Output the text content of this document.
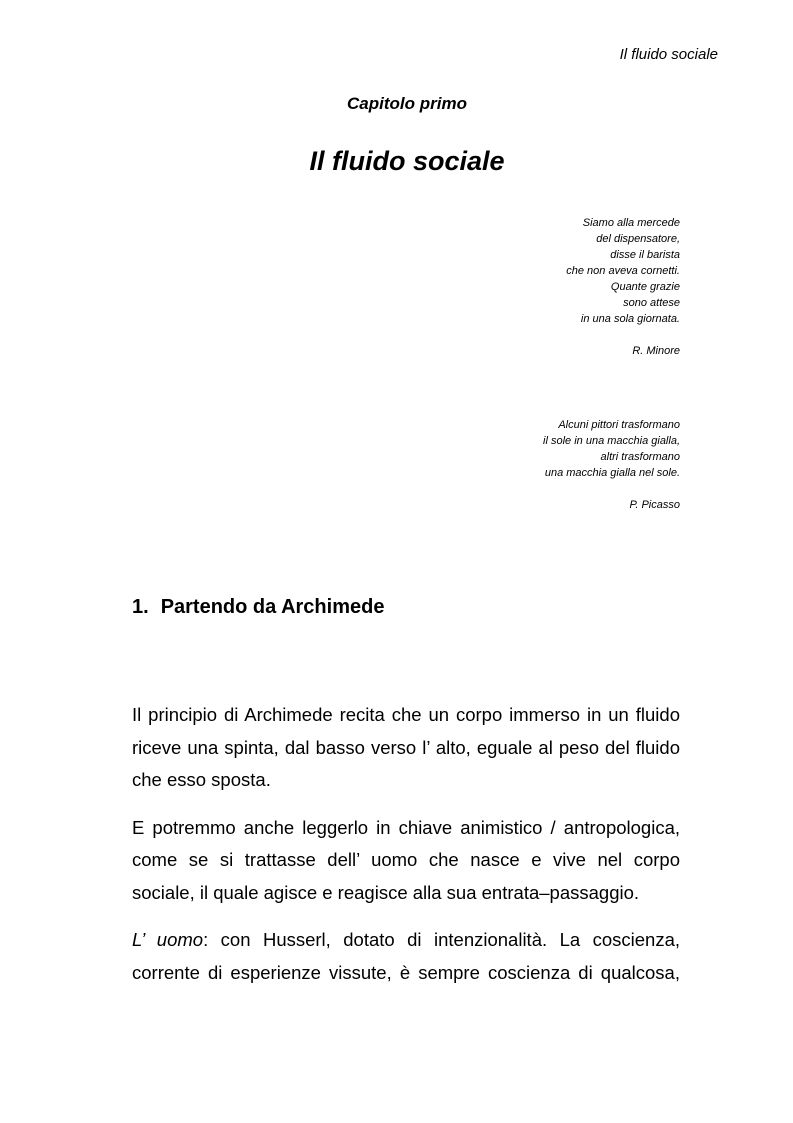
Il fluido sociale
Capitolo primo
Il fluido sociale
Siamo alla mercede
del dispensatore,
disse il barista
che non aveva cornetti.
Quante grazie
sono attese
in una sola giornata.
R. Minore
Alcuni pittori trasformano
il sole in una macchia gialla,
altri trasformano
una macchia gialla nel sole.
P. Picasso
1. Partendo da Archimede

Il principio di Archimede recita che un corpo immerso in un fluido
riceve una spinta, dal basso verso l’ alto, eguale al peso del fluido
che esso sposta.

E potremmo anche leggerlo in chiave animistico / antropologica,
come se si trattasse dell’ uomo che nasce e vive nel corpo
sociale, il quale agisce e reagisce alla sua entrata–passaggio.

L’ uomo: con Husserl, dotato di intenzionalità. La coscienza,
corrente di esperienze vissute, è sempre coscienza di qualcosa,
